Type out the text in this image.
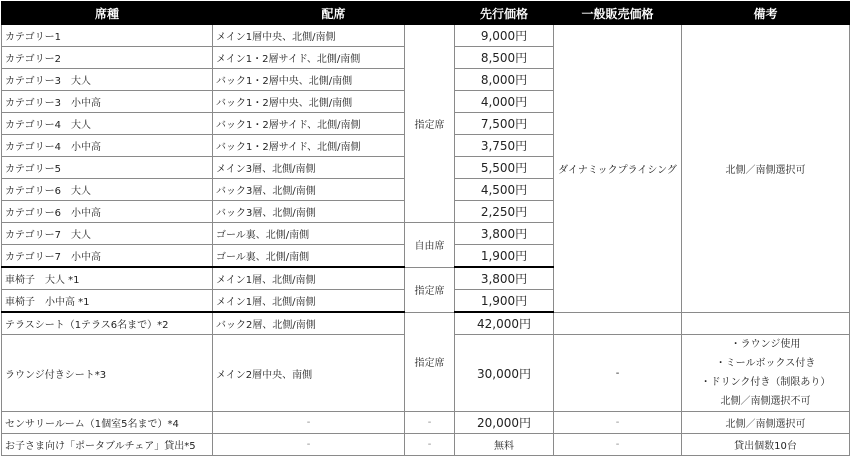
席種	配席		先行価格	一般販売価格	備考
カテゴリー1	メイン1層中央、北側/南側	指定席	9,000円	ダイナミックプライシング	北側／南側選択可
カテゴリー2	メイン1・2層サイド、北側/南側		8,500円		
カテゴリー3　大人	バック1・2層中央、北側/南側		8,000円		
カテゴリー3　小中高	バック1・2層中央、北側/南側		4,000円		
カテゴリー4　大人	バック1・2層サイド、北側/南側		7,500円		
カテゴリー4　小中高	バック1・2層サイド、北側/南側		3,750円		
カテゴリー5	メイン3層、北側/南側		5,500円		
カテゴリー6　大人	バック3層、北側/南側		4,500円		
カテゴリー6　小中高	バック3層、北側/南側		2,250円		
カテゴリー7　大人	ゴール裏、北側/南側	自由席	3,800円		
カテゴリー7　小中高	ゴール裏、北側/南側		1,900円		
車椅子　大人 *1	メイン1層、北側/南側	指定席	3,800円		
車椅子　小中高 *1	メイン1層、北側/南側		1,900円		
テラスシート（1テラス6名まで）*2	バック2層、北側/南側	指定席	42,000円		
ラウンジ付きシート*3	メイン2層中央、南側		30,000円	-	・ラウンジ使用
・ミールボックス付き
・ドリンク付き（制限あり）
北側／南側選択不可

センサリールーム（1個室5名まで）*4	-	-	20,000円	-	北側／南側選択可
お子さま向け「ポータブルチェア」貸出*5	-	-	無料	-	貸出個数10台
